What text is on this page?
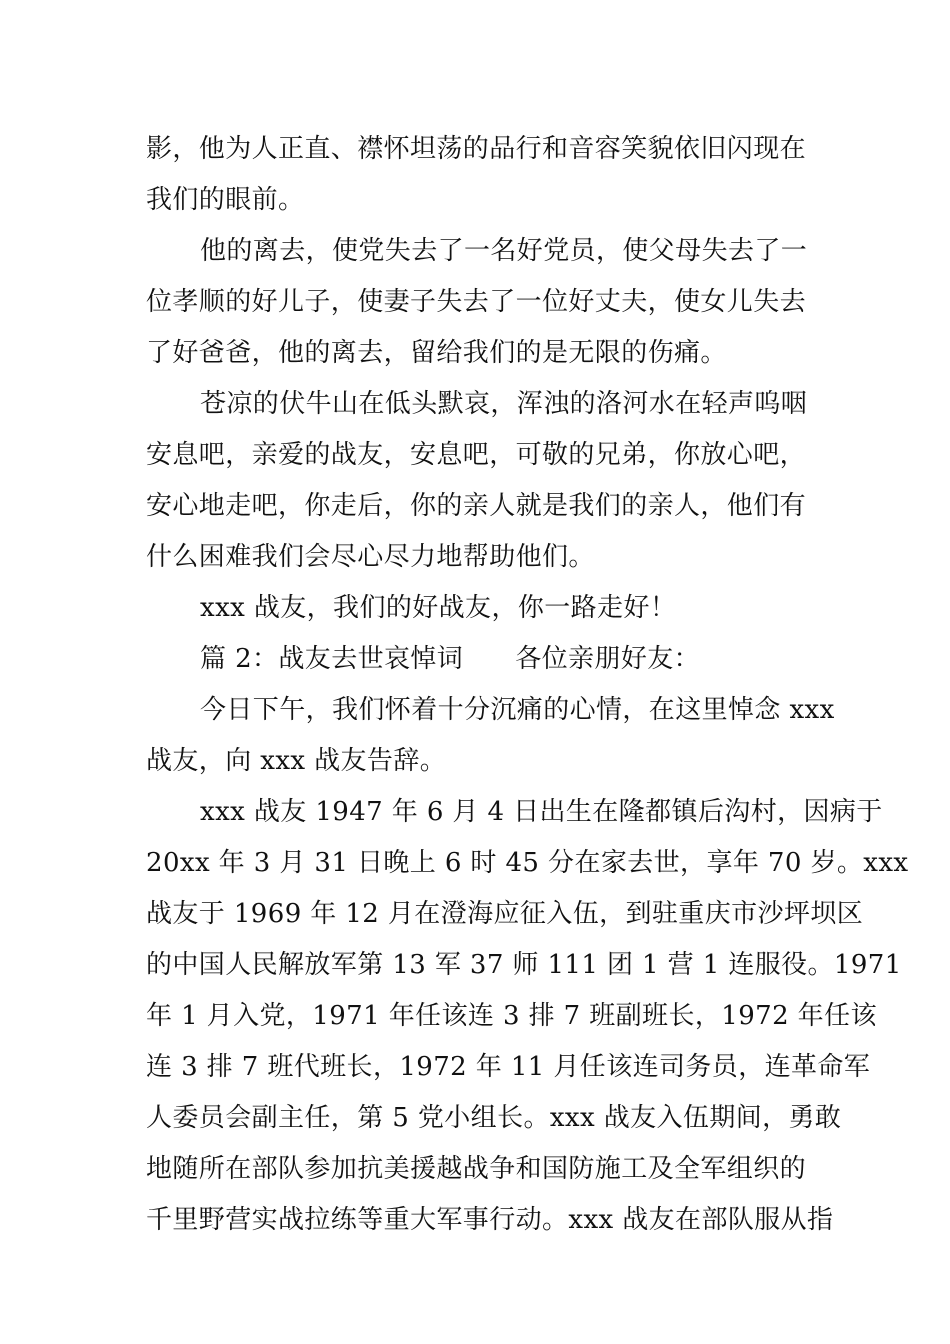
影，他为人正直、襟怀坦荡的品行和音容笑貌依旧闪现在
我们的眼前。
他的离去，使党失去了一名好党员，使父母失去了一
位孝顺的好儿子，使妻子失去了一位好丈夫，使女儿失去
了好爸爸，他的离去，留给我们的是无限的伤痛。
苍凉的伏牛山在低头默哀，浑浊的洛河水在轻声呜咽
安息吧，亲爱的战友，安息吧，可敬的兄弟，你放心吧，
安心地走吧，你走后，你的亲人就是我们的亲人，他们有
什么困难我们会尽心尽力地帮助他们。
xxx 战友，我们的好战友，你一路走好！
篇 2：战友去世哀悼词 各位亲朋好友：
今日下午，我们怀着十分沉痛的心情，在这里悼念 xxx
战友，向 xxx 战友告辞。
xxx 战友 1947 年 6 月 4 日出生在隆都镇后沟村，因病于
20xx 年 3 月 31 日晚上 6 时 45 分在家去世，享年 70 岁。xxx
战友于 1969 年 12 月在澄海应征入伍，到驻重庆市沙坪坝区
的中国人民解放军第 13 军 37 师 111 团 1 营 1 连服役。1971
年 1 月入党，1971 年任该连 3 排 7 班副班长，1972 年任该
连 3 排 7 班代班长，1972 年 11 月任该连司务员，连革命军
人委员会副主任，第 5 党小组长。xxx 战友入伍期间，勇敢
地随所在部队参加抗美援越战争和国防施工及全军组织的
千里野营实战拉练等重大军事行动。xxx 战友在部队服从指
